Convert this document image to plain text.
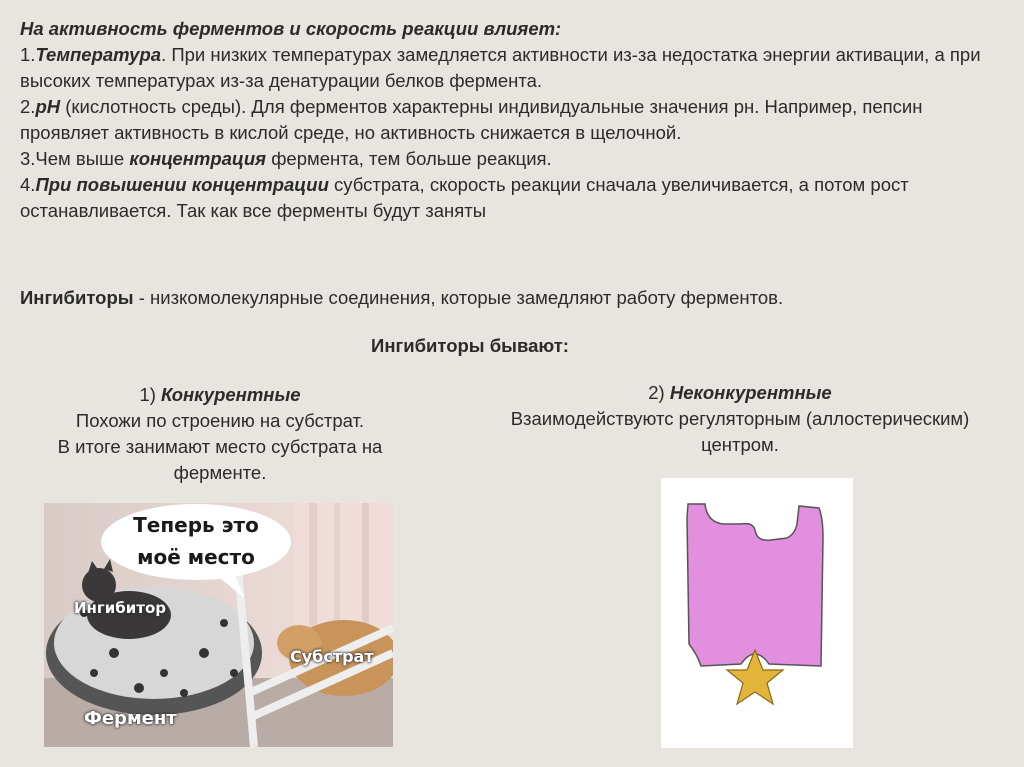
На активность ферментов и скорость реакции влияет:

1.Температура. При низких температурах замедляется активности из-за недостатка энергии активации, а при высоких температурах из-за денатурации белков фермента.

2.pH (кислотность среды). Для ферментов характерны индивидуальные значения рн. Например, пепсин проявляет активность в кислой среде, но активность снижается в щелочной.

3.Чем выше концентрация фермента, тем больше реакция.

4.При повышении концентрации субстрата, скорость реакции сначала увеличивается, а потом рост останавливается. Так как все ферменты будут заняты

Ингибиторы - низкомолекулярные соединения, которые замедляют работу ферментов.
Ингибиторы бывают:
1) Конкурентные
Похожи по строению на субстрат.
В итоге занимают место субстрата на ферменте.
2) Неконкурентные
Взаимодействуютс регуляторным (аллостерическим) центром.
Теперь это моё место
Ингибитор
Субстрат
Фермент
